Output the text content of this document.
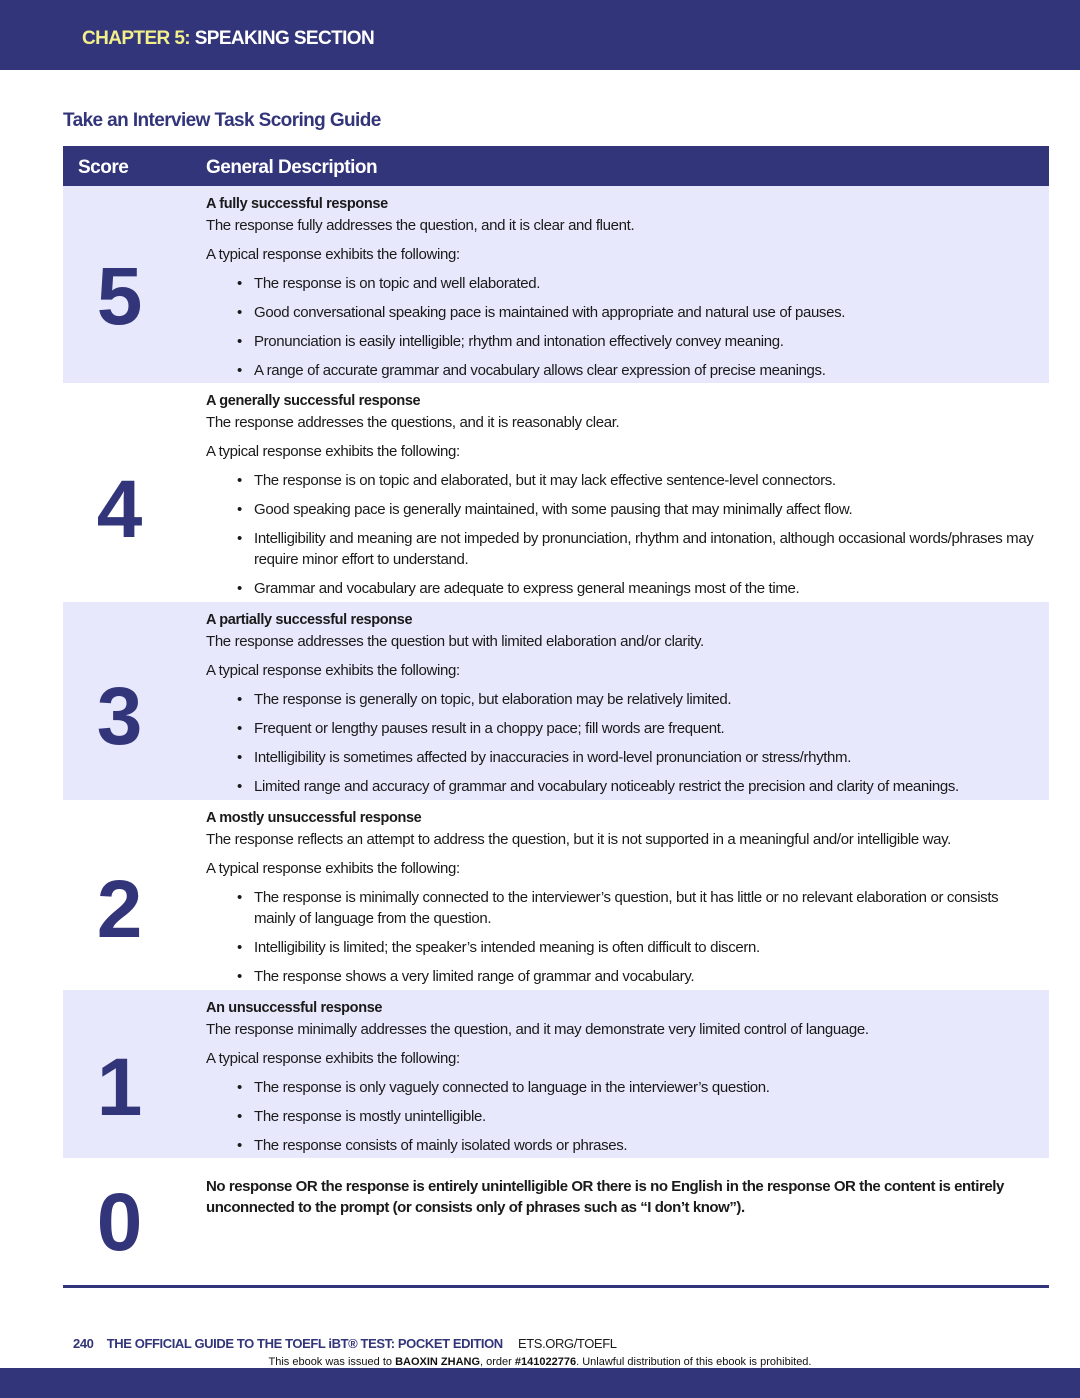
CHAPTER 5: SPEAKING SECTION
Take an Interview Task Scoring Guide
Score	General Description
5
A fully successful response

The response fully addresses the question, and it is clear and fluent.

A typical response exhibits the following:
• The response is on topic and well elaborated.
• Good conversational speaking pace is maintained with appropriate and natural use of pauses.
• Pronunciation is easily intelligible; rhythm and intonation effectively convey meaning.
• A range of accurate grammar and vocabulary allows clear expression of precise meanings.
4
A generally successful response

The response addresses the questions, and it is reasonably clear.

A typical response exhibits the following:
• The response is on topic and elaborated, but it may lack effective sentence-level connectors.
• Good speaking pace is generally maintained, with some pausing that may minimally affect flow.
• Intelligibility and meaning are not impeded by pronunciation, rhythm and intonation, although occasional words/phrases may require minor effort to understand.
• Grammar and vocabulary are adequate to express general meanings most of the time.
3
A partially successful response

The response addresses the question but with limited elaboration and/or clarity.

A typical response exhibits the following:
• The response is generally on topic, but elaboration may be relatively limited.
• Frequent or lengthy pauses result in a choppy pace; fill words are frequent.
• Intelligibility is sometimes affected by inaccuracies in word-level pronunciation or stress/rhythm.
• Limited range and accuracy of grammar and vocabulary noticeably restrict the precision and clarity of meanings.
2
A mostly unsuccessful response

The response reflects an attempt to address the question, but it is not supported in a meaningful and/or intelligible way.

A typical response exhibits the following:
• The response is minimally connected to the interviewer’s question, but it has little or no relevant elaboration or consists mainly of language from the question.
• Intelligibility is limited; the speaker’s intended meaning is often difficult to discern.
• The response shows a very limited range of grammar and vocabulary.
1
An unsuccessful response

The response minimally addresses the question, and it may demonstrate very limited control of language.

A typical response exhibits the following:
• The response is only vaguely connected to language in the interviewer’s question.
• The response is mostly unintelligible.
• The response consists of mainly isolated words or phrases.
0	No response OR the response is entirely unintelligible OR there is no English in the response OR the content is entirely unconnected to the prompt (or consists only of phrases such as “I don’t know”).
240 THE OFFICIAL GUIDE TO THE TOEFL iBT® TEST: POCKET EDITION ETS.ORG/TOEFL
This ebook was issued to BAOXIN ZHANG, order #141022776. Unlawful distribution of this ebook is prohibited.
